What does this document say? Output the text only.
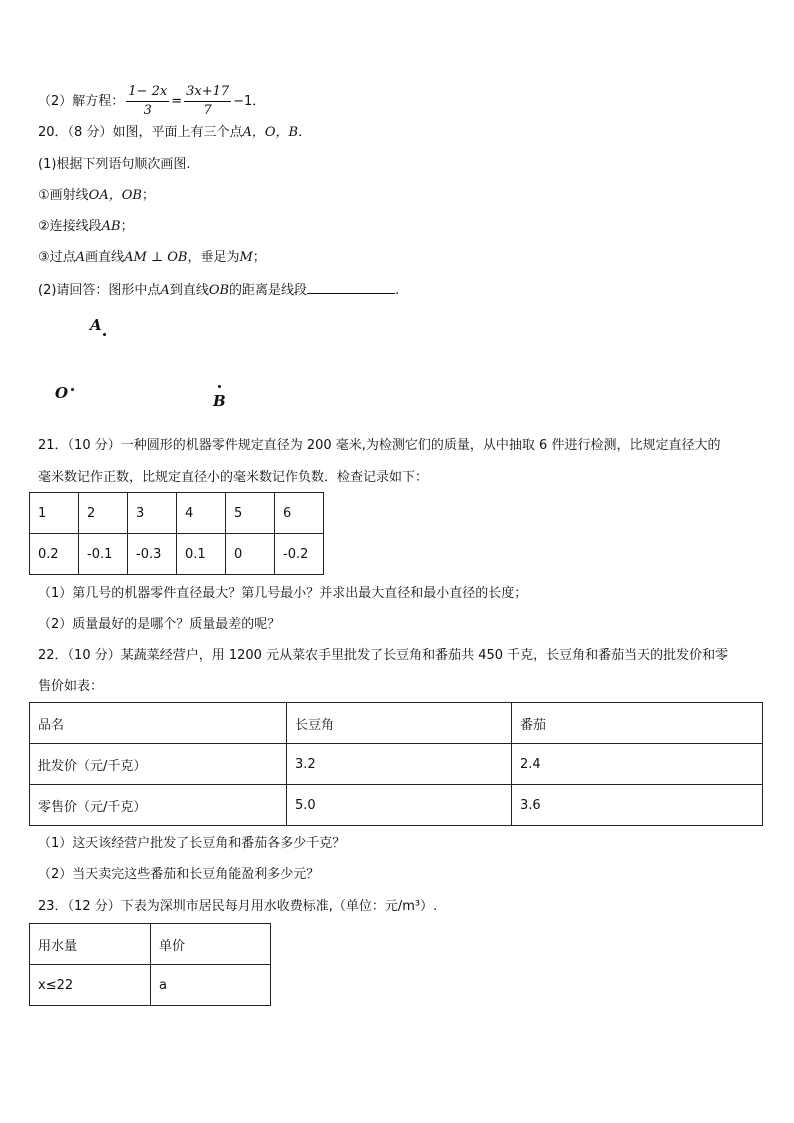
（2）解方程： $\frac{1- 2x}{3} = \frac{3x+17}{7} -1$．
20．（8 分）如图，平面上有三个点A，O，B．
(1)根据下列语句顺次画图.
①画射线OA，OB；
②连接线段AB；
③过点A画直线AM ⊥ OB，垂足为M；
(2)请回答：图形中点A到直线OB的距离是线段	.
A
O	B
21．（10 分）一种圆形的机器零件规定直径为 200 毫米,为检测它们的质量，从中抽取 6 件进行检测，比规定直径大的
毫米数记作正数，比规定直径小的毫米数记作负数．检查记录如下：
1	2	3	4	5	6
0.2	-0.1	-0.3	0.1	0	-0.2
（1）第几号的机器零件直径最大？第几号最小？并求出最大直径和最小直径的长度；
（2）质量最好的是哪个？质量最差的呢？
22．（10 分）某蔬菜经营户，用 1200 元从菜农手里批发了长豆角和番茄共 450 千克，长豆角和番茄当天的批发价和零
售价如表：
品名	长豆角	番茄
批发价（元/千克）	3.2	2.4
零售价（元/千克）	5.0	3.6
（1）这天该经营户批发了长豆角和番茄各多少千克？
（2）当天卖完这些番茄和长豆角能盈利多少元？
23．（12 分）下表为深圳市居民每月用水收费标准,（单位：元/m³）.
用水量	单价
x≤22	a
